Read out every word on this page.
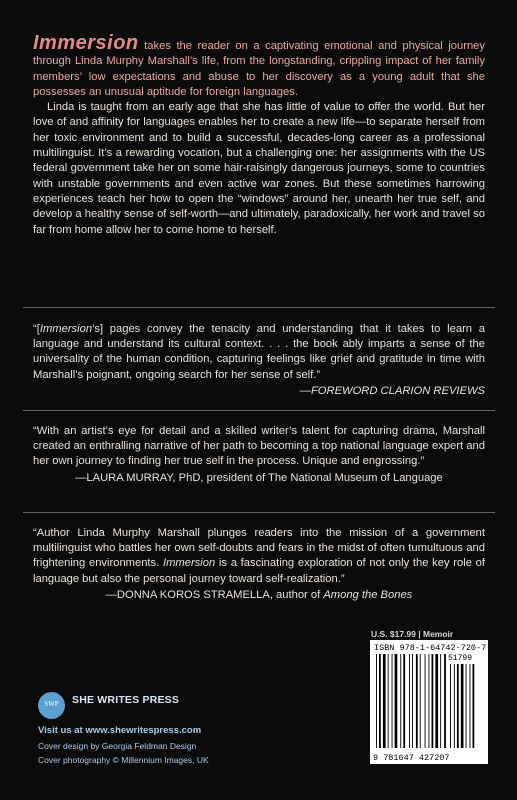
Immersion takes the reader on a captivating emotional and physical journey through Linda Murphy Marshall’s life, from the longstanding, crippling impact of her family members’ low expectations and abuse to her discovery as a young adult that she possesses an unusual aptitude for foreign languages.

Linda is taught from an early age that she has little of value to offer the world. But her love of and affinity for languages enables her to create a new life—to separate herself from her toxic environment and to build a successful, decades-long career as a professional multilinguist. It’s a rewarding vocation, but a challenging one: her assignments with the US federal government take her on some hair-raisingly dangerous journeys, some to countries with unstable governments and even active war zones. But these sometimes harrowing experiences teach her how to open the “windows” around her, unearth her true self, and develop a healthy sense of self-worth—and ultimately, paradoxically, her work and travel so far from home allow her to come home to herself.

“[Immersion’s] pages convey the tenacity and understanding that it takes to learn a language and understand its cultural context. . . . the book ably imparts a sense of the universality of the human condition, capturing feelings like grief and gratitude in time with Marshall’s poignant, ongoing search for her sense of self.”
—FOREWORD CLARION REVIEWS
“With an artist’s eye for detail and a skilled writer’s talent for capturing drama, Marshall created an enthralling narrative of her path to becoming a top national language expert and her own journey to finding her true self in the process. Unique and engrossing.”
—LAURA MURRAY, PhD, president of The National Museum of Language
“Author Linda Murphy Marshall plunges readers into the mission of a government multilinguist who battles her own self-doubts and fears in the midst of often tumultuous and frightening environments. Immersion is a fascinating exploration of not only the key role of language but also the personal journey toward self-realization.”
—DONNA KOROS STRAMELLA, author of Among the Bones
U.S. $17.99 | Memoir
ISBN 978-1-64742-720-7
51799
9 781647 427207
SWP	SHE WRITES PRESS
Visit us at www.shewritespress.com
Cover design by Georgia Feldman Design
Cover photography © Millennium Images, UK
